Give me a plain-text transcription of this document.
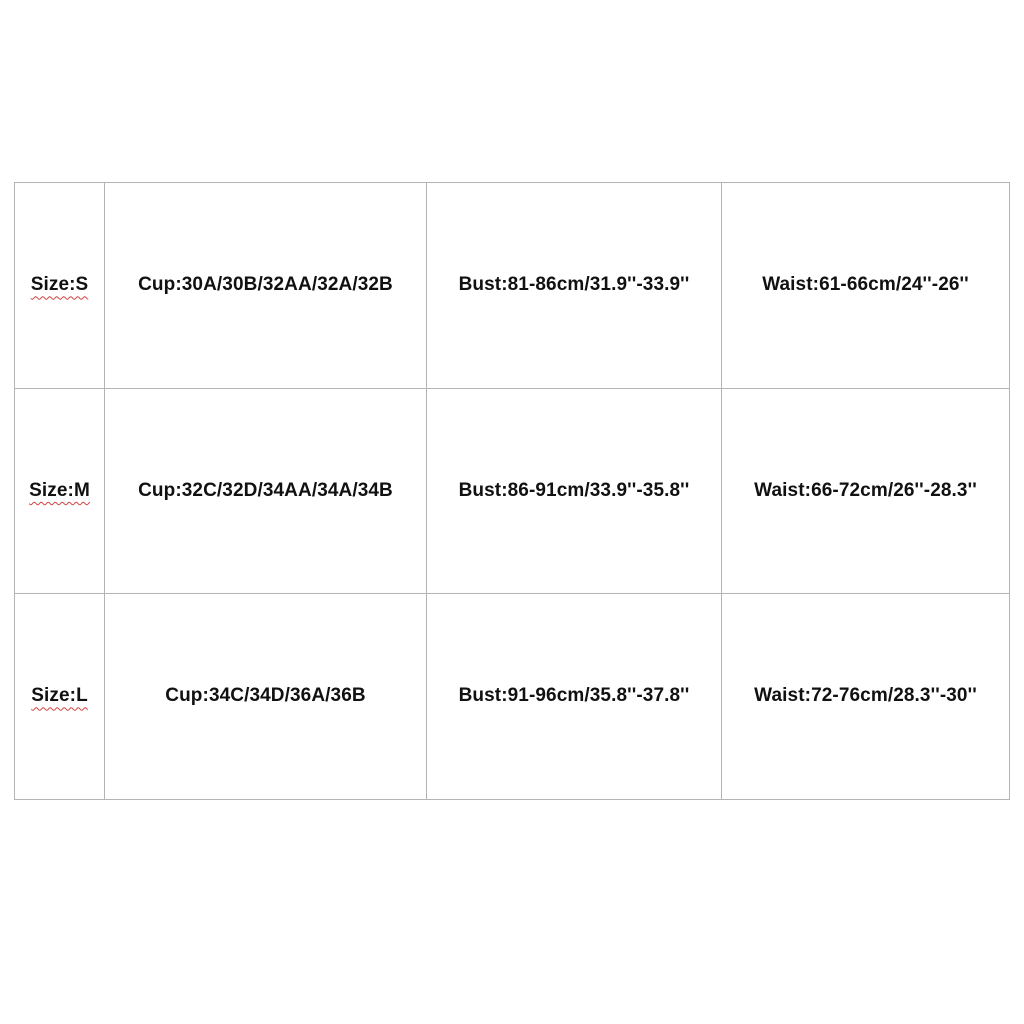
Size:S	Cup:30A/30B/32AA/32A/32B	Bust:81-86cm/31.9''-33.9''	Waist:61-66cm/24''-26''
Size:M	Cup:32C/32D/34AA/34A/34B	Bust:86-91cm/33.9''-35.8''	Waist:66-72cm/26''-28.3''
Size:L	Cup:34C/34D/36A/36B	Bust:91-96cm/35.8''-37.8''	Waist:72-76cm/28.3''-30''
